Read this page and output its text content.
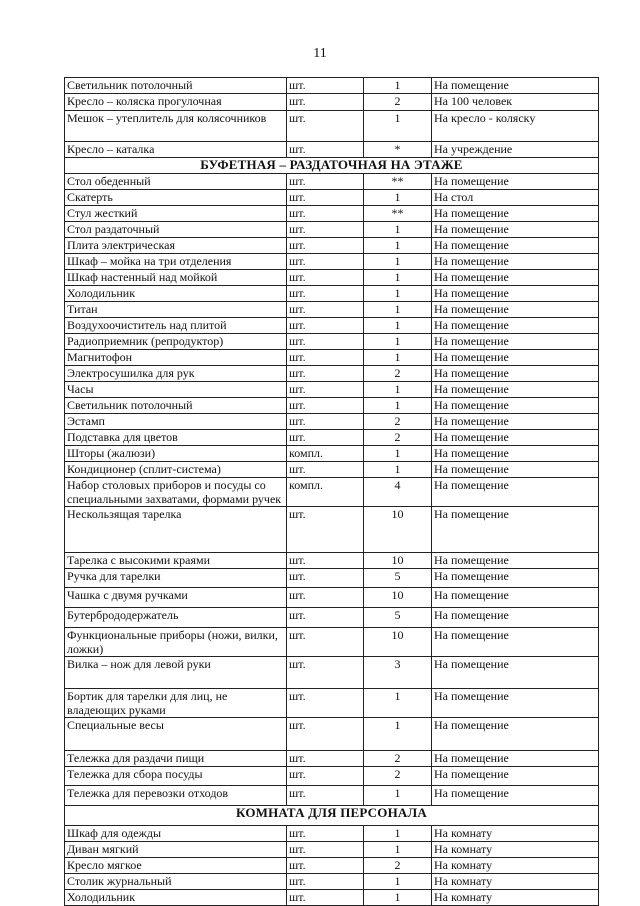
11
Светильник потолочный	шт.	1	На помещение
Кресло – коляска прогулочная	шт.	2	На 100 человек
Мешок – утеплитель для колясочников	шт.	1	На кресло - коляску
Кресло – каталка	шт.	*	На учреждение
БУФЕТНАЯ – РАЗДАТОЧНАЯ НА ЭТАЖЕ			
Стол обеденный	шт.	**	На помещение
Скатерть	шт.	1	На стол
Стул жесткий	шт.	**	На помещение
Стол раздаточный	шт.	1	На помещение
Плита электрическая	шт.	1	На помещение
Шкаф – мойка на три отделения	шт.	1	На помещение
Шкаф настенный над мойкой	шт.	1	На помещение
Холодильник	шт.	1	На помещение
Титан	шт.	1	На помещение
Воздухоочиститель над плитой	шт.	1	На помещение
Радиоприемник (репродуктор)	шт.	1	На помещение
Магнитофон	шт.	1	На помещение
Электросушилка для рук	шт.	2	На помещение
Часы	шт.	1	На помещение
Светильник потолочный	шт.	1	На помещение
Эстамп	шт.	2	На помещение
Подставка для цветов	шт.	2	На помещение
Шторы (жалюзи)	компл.	1	На помещение
Кондиционер (сплит-система)	шт.	1	На помещение
Набор столовых приборов и посуды со специальными захватами, формами ручек	компл.	4	На помещение
Нескользящая тарелка	шт.	10	На помещение
Тарелка с высокими краями	шт.	10	На помещение
Ручка для тарелки	шт.	5	На помещение
Чашка с двумя ручками	шт.	10	На помещение
Бутербрододержатель	шт.	5	На помещение
Функциональные приборы (ножи, вилки, ложки)	шт.	10	На помещение
Вилка – нож для левой руки	шт.	3	На помещение
Бортик для тарелки для лиц, не владеющих руками	шт.	1	На помещение
Специальные весы	шт.	1	На помещение
Тележка для раздачи пищи	шт.	2	На помещение
Тележка для сбора посуды	шт.	2	На помещение
Тележка для перевозки отходов	шт.	1	На помещение
КОМНАТА ДЛЯ ПЕРСОНАЛА			
Шкаф для одежды	шт.	1	На комнату
Диван мягкий	шт.	1	На комнату
Кресло мягкое	шт.	2	На комнату
Столик журнальный	шт.	1	На комнату
Холодильник	шт.	1	На комнату
